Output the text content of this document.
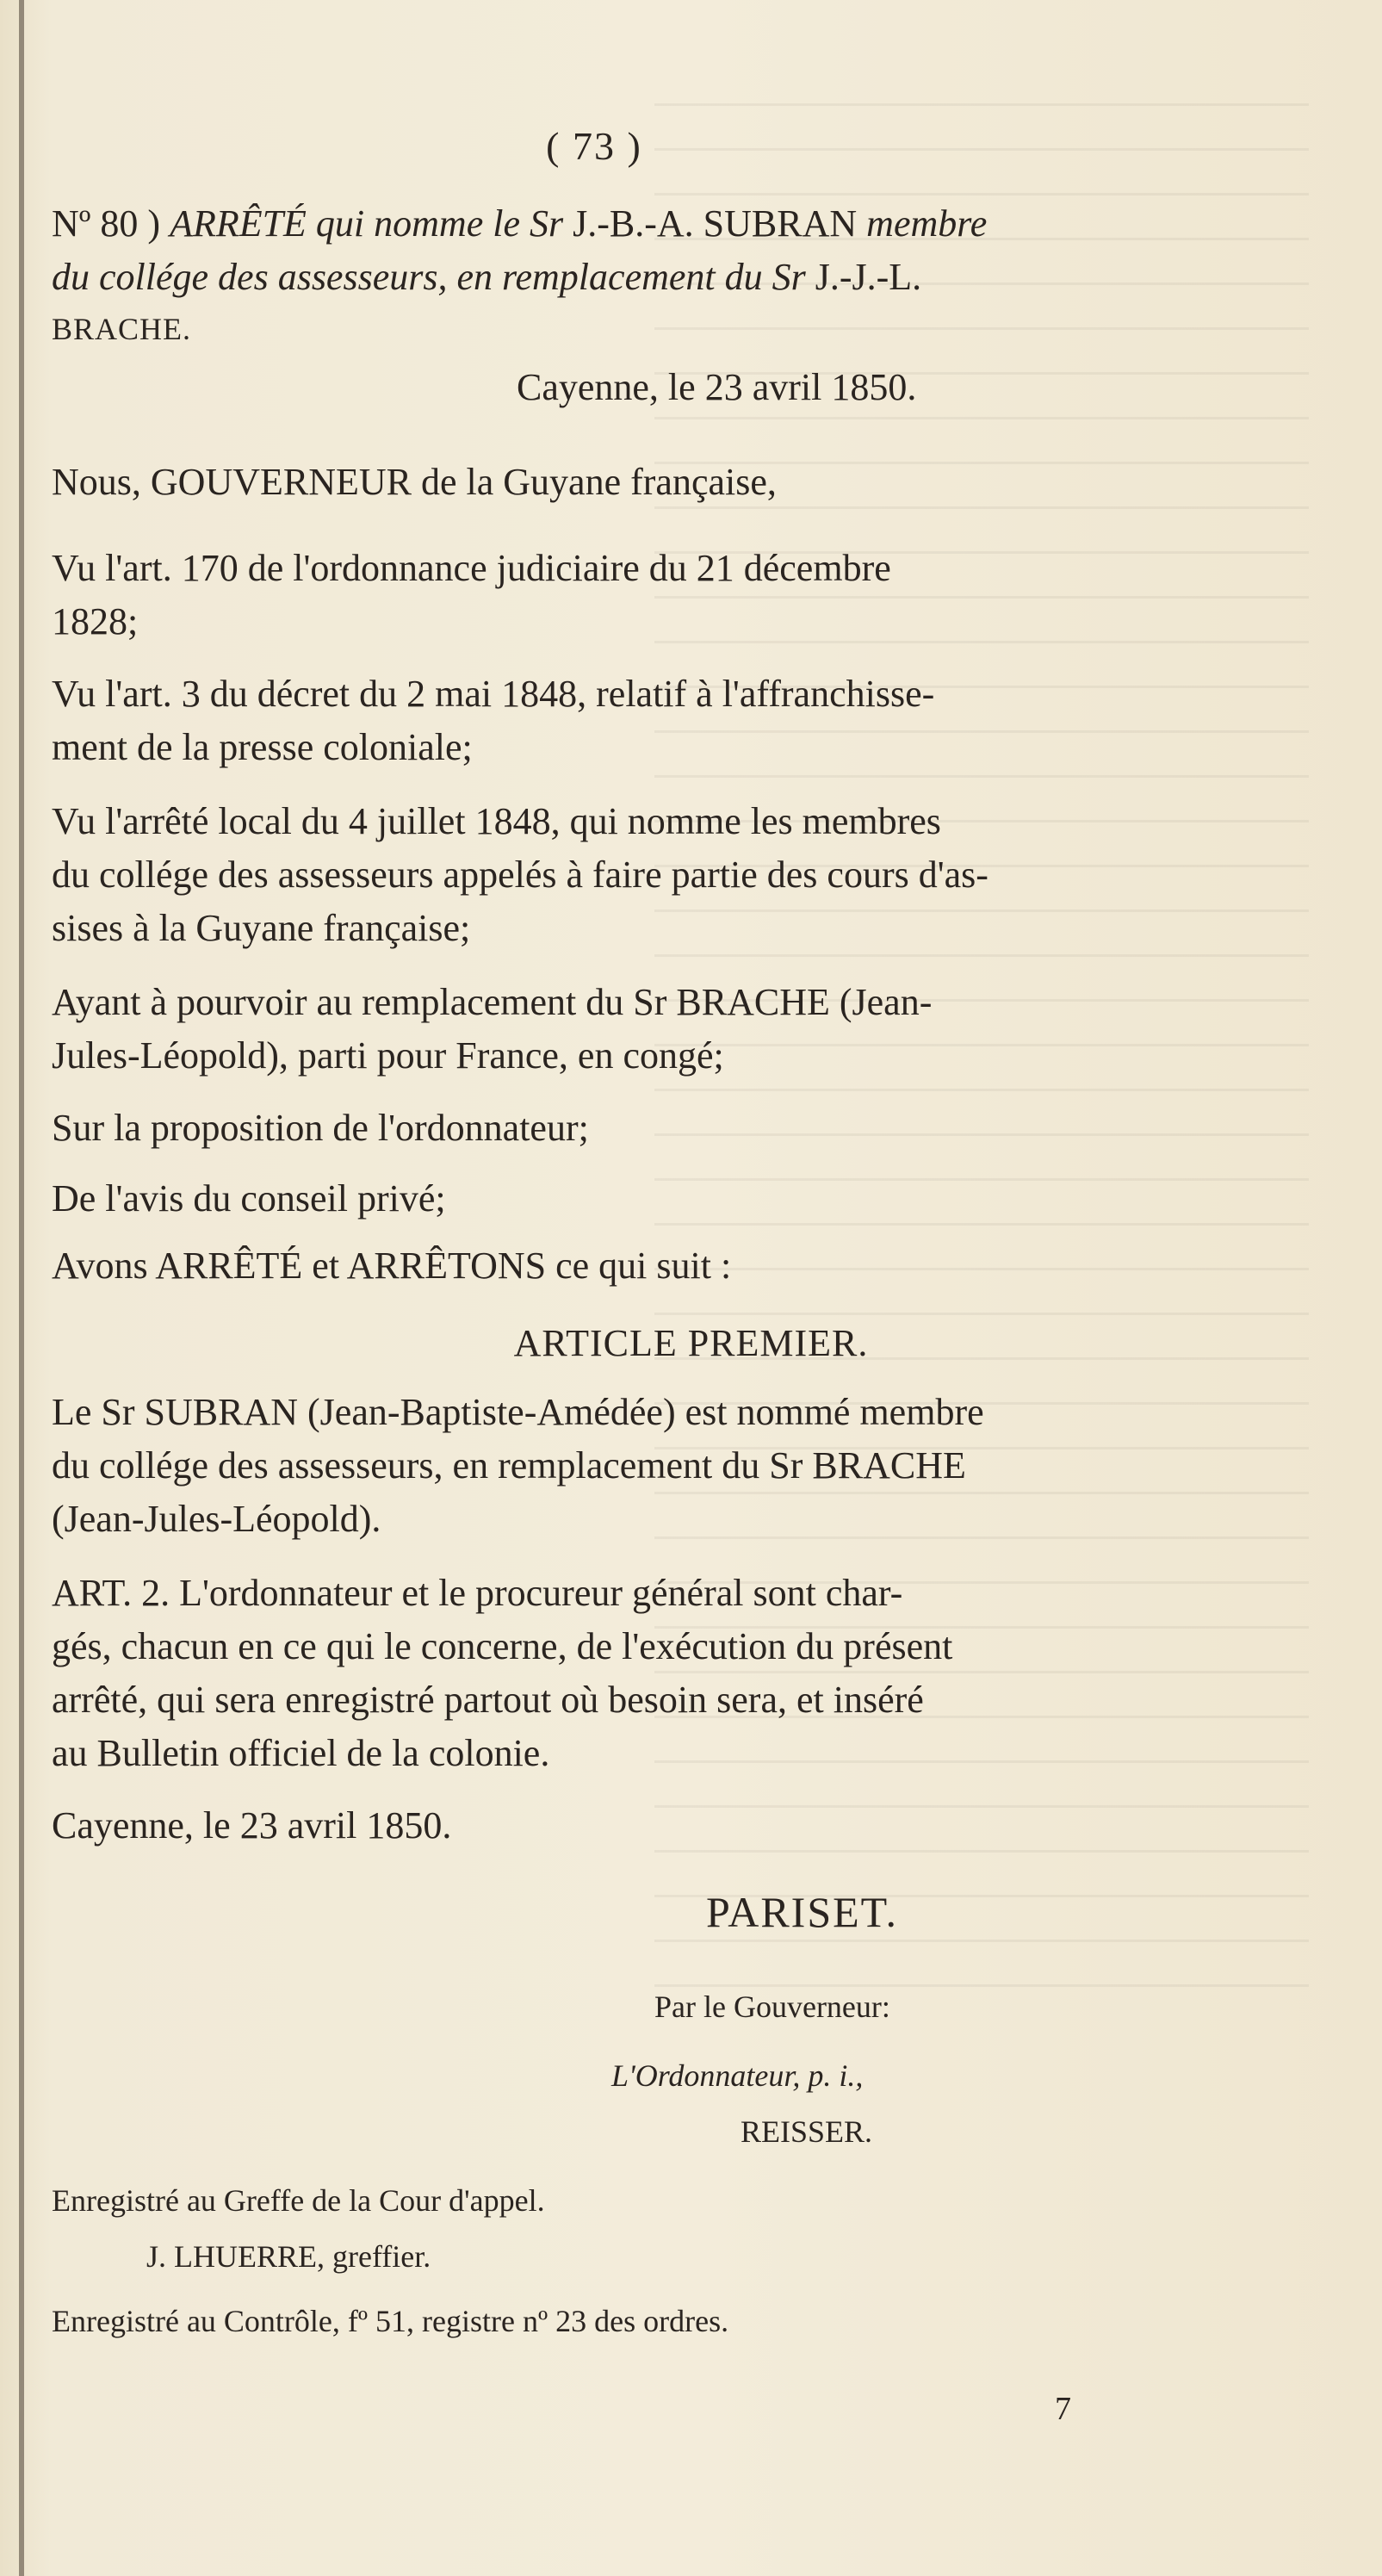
( 73 )
Nº 80 ) ARRÊTÉ qui nomme le Sr J.-B.-A. SUBRAN membre
du collége des assesseurs, en remplacement du Sr J.-J.-L.
BRACHE.
Cayenne, le 23 avril 1850.
Nous, GOUVERNEUR de la Guyane française,
Vu l'art. 170 de l'ordonnance judiciaire du 21 décembre
1828;
Vu l'art. 3 du décret du 2 mai 1848, relatif à l'affranchisse-
ment de la presse coloniale;
Vu l'arrêté local du 4 juillet 1848, qui nomme les membres
du collége des assesseurs appelés à faire partie des cours d'as-
sises à la Guyane française;
Ayant à pourvoir au remplacement du Sr BRACHE (Jean-
Jules-Léopold), parti pour France, en congé;
Sur la proposition de l'ordonnateur;
De l'avis du conseil privé;
Avons ARRÊTÉ et ARRÊTONS ce qui suit :
ARTICLE PREMIER.
Le Sr SUBRAN (Jean-Baptiste-Amédée) est nommé membre
du collége des assesseurs, en remplacement du Sr BRACHE
(Jean-Jules-Léopold).
ART. 2. L'ordonnateur et le procureur général sont char-
gés, chacun en ce qui le concerne, de l'exécution du présent
arrêté, qui sera enregistré partout où besoin sera, et inséré
au Bulletin officiel de la colonie.
Cayenne, le 23 avril 1850.
PARISET.
Par le Gouverneur:
L'Ordonnateur, p. i.,
REISSER.
Enregistré au Greffe de la Cour d'appel.
J. LHUERRE, greffier.
Enregistré au Contrôle, fº 51, registre nº 23 des ordres.
7
